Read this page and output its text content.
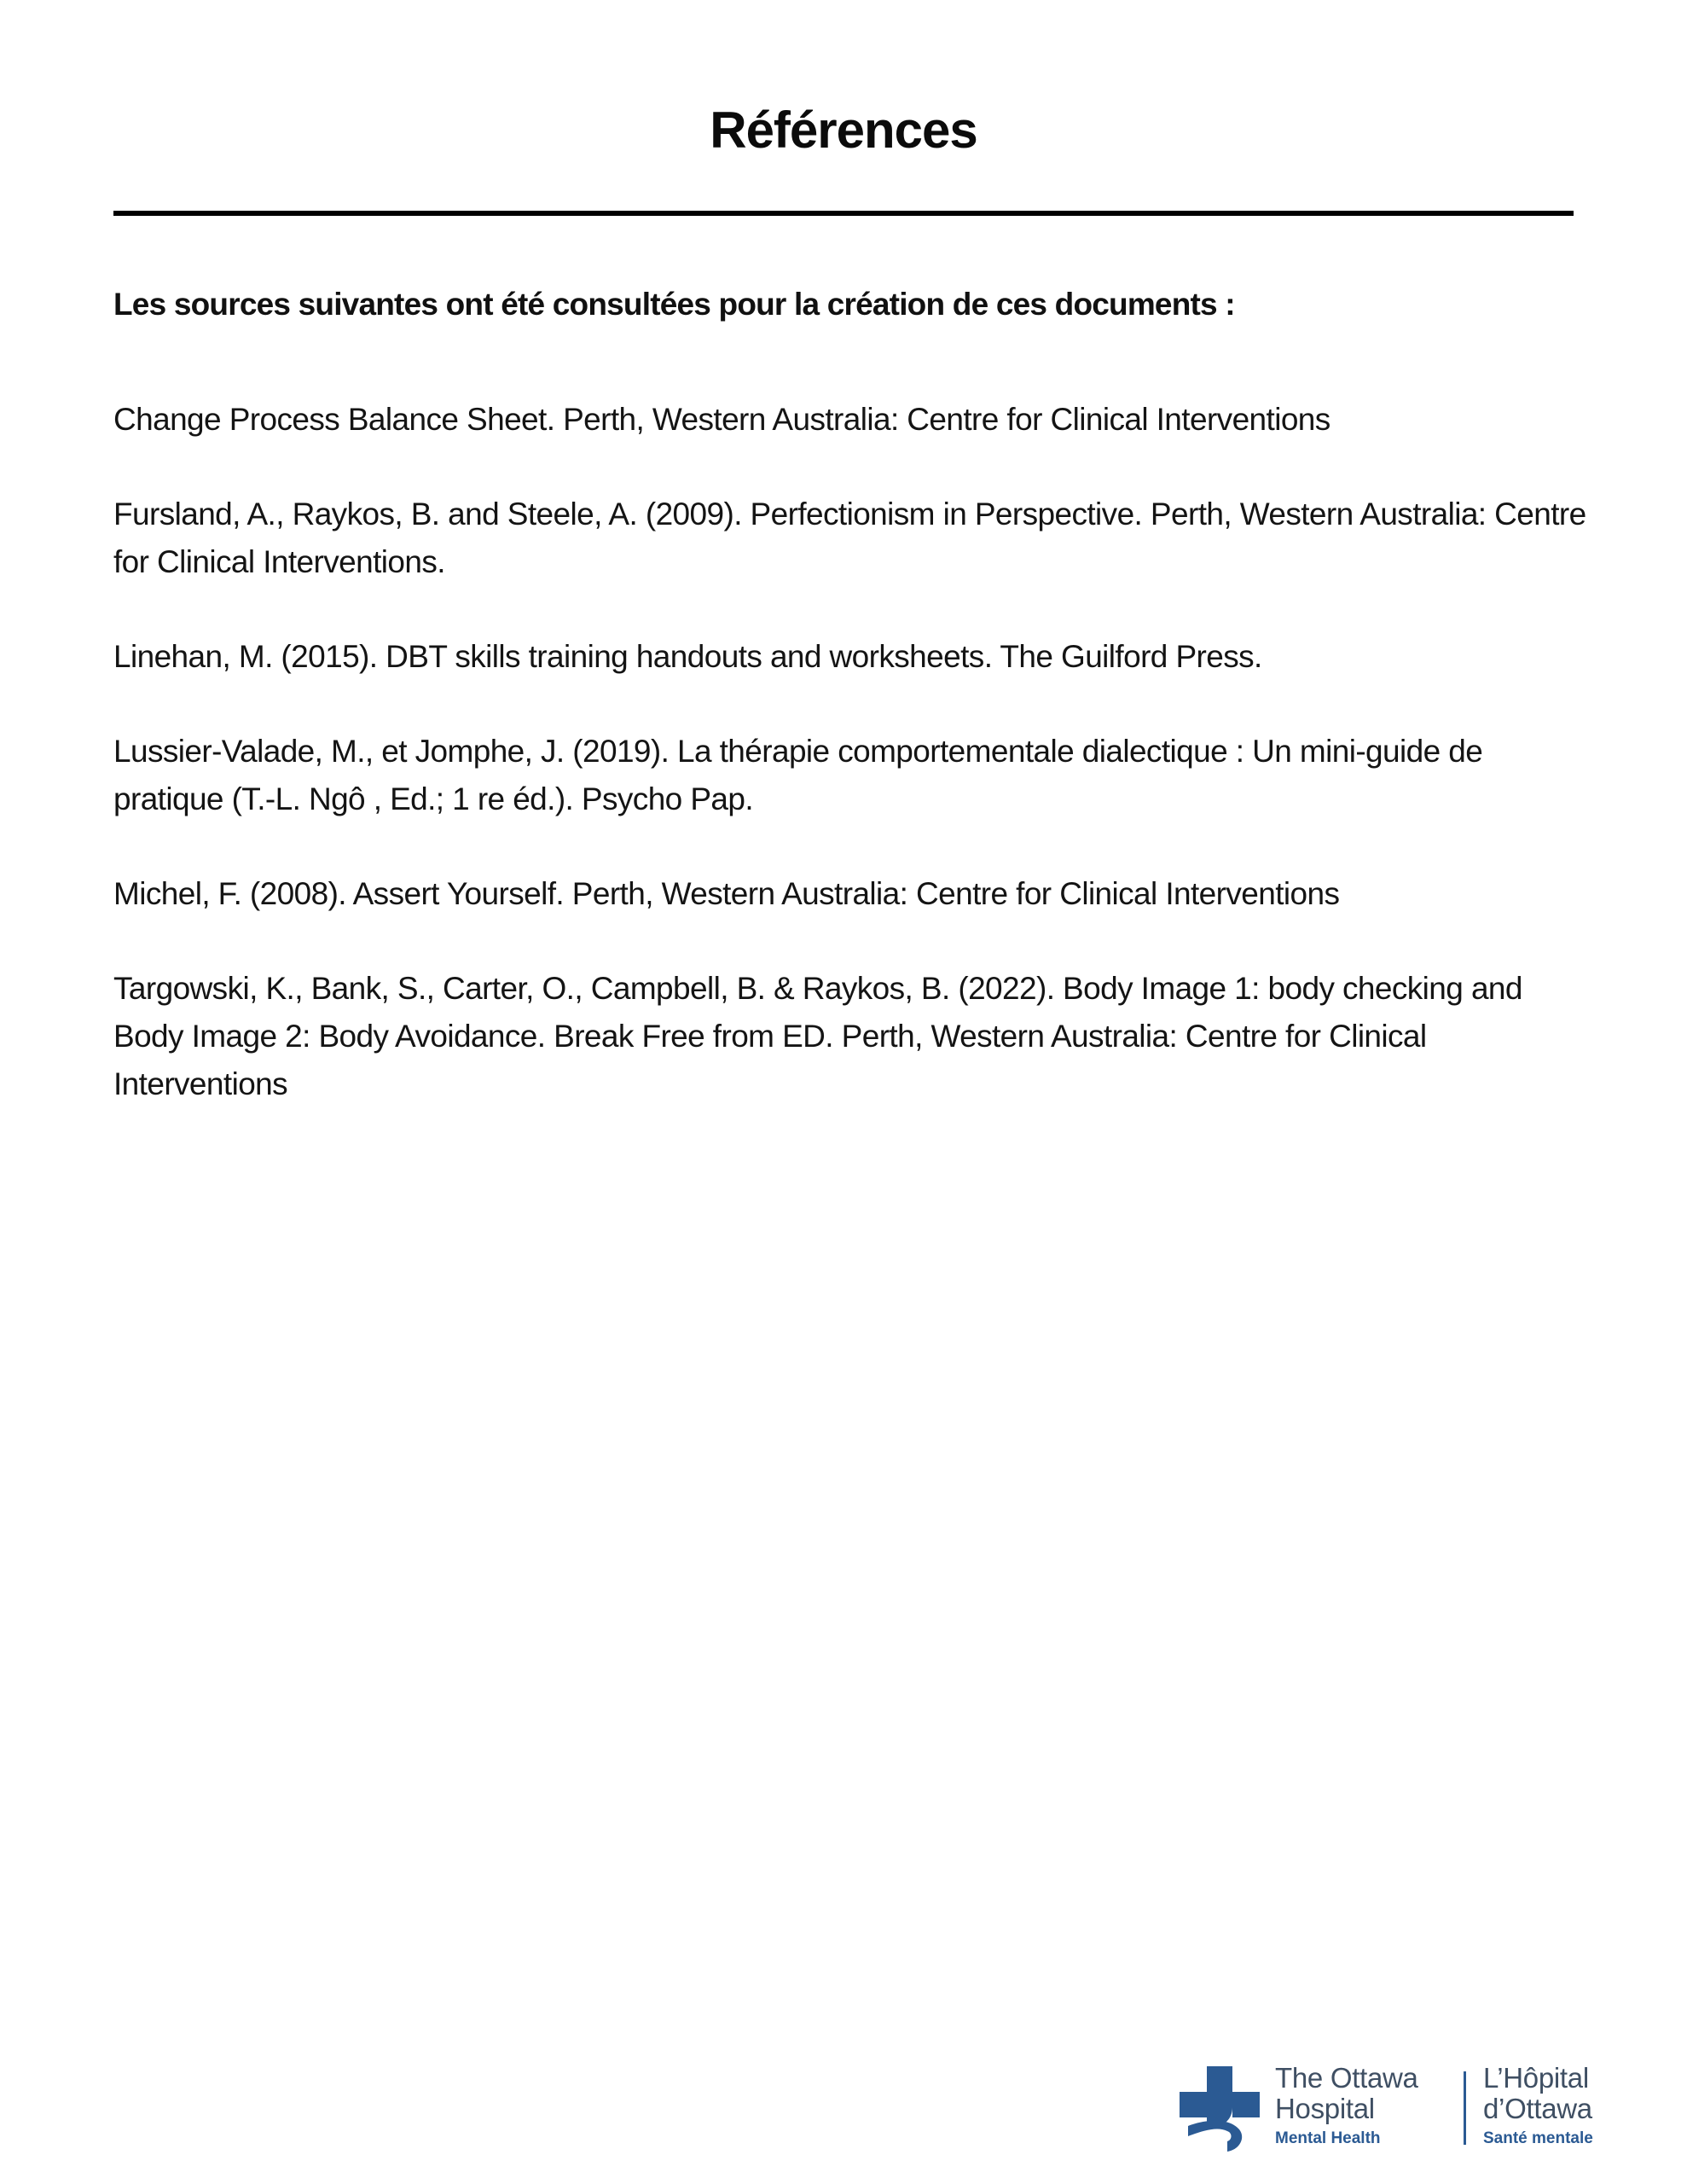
Références

Les sources suivantes ont été consultées pour la création de ces documents :

Change Process Balance Sheet. Perth, Western Australia: Centre for Clinical Interventions
Fursland, A., Raykos, B. and Steele, A. (2009). Perfectionism in Perspective. Perth, Western Australia: Centre for Clinical Interventions.
Linehan, M. (2015). DBT skills training handouts and worksheets. The Guilford Press.
Lussier-Valade, M., et Jomphe, J. (2019). La thérapie comportementale dialectique : Un mini-guide de pratique (T.-L. Ngô , Ed.; 1 re éd.). Psycho Pap.
Michel, F. (2008). Assert Yourself. Perth, Western Australia: Centre for Clinical Interventions
Targowski, K., Bank, S., Carter, O., Campbell, B. & Raykos, B. (2022). Body Image 1: body checking and Body Image 2: Body Avoidance. Break Free from ED. Perth, Western Australia: Centre for Clinical Interventions
The Ottawa
Hospital
Mental Health
L’Hôpital
d’Ottawa
Santé mentale
